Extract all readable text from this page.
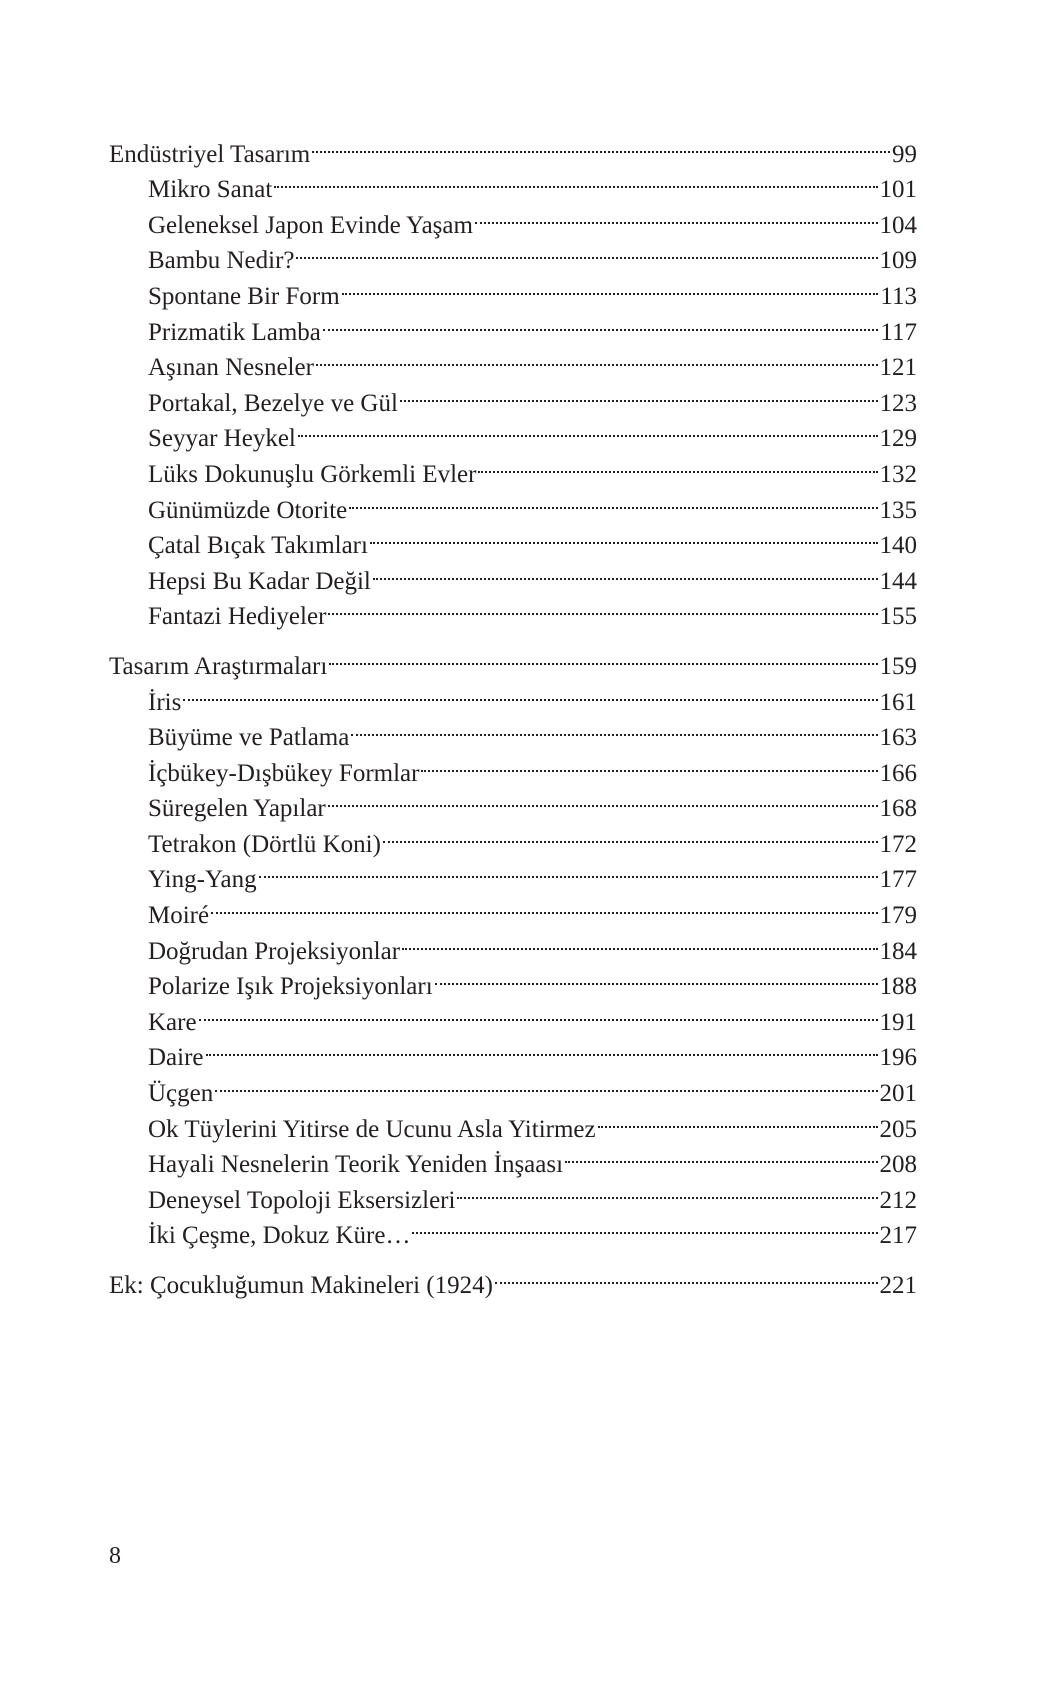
Endüstriyel Tasarım	99
Mikro Sanat	101
Geleneksel Japon Evinde Yaşam	104
Bambu Nedir?	109
Spontane Bir Form	113
Prizmatik Lamba	117
Aşınan Nesneler	121
Portakal, Bezelye ve Gül	123
Seyyar Heykel	129
Lüks Dokunuşlu Görkemli Evler	132
Günümüzde Otorite	135
Çatal Bıçak Takımları	140
Hepsi Bu Kadar Değil	144
Fantazi Hediyeler	155
Tasarım Araştırmaları	159
İris	161
Büyüme ve Patlama	163
İçbükey-Dışbükey Formlar	166
Süregelen Yapılar	168
Tetrakon (Dörtlü Koni)	172
Ying-Yang	177
Moiré	179
Doğrudan Projeksiyonlar	184
Polarize Işık Projeksiyonları	188
Kare	191
Daire	196
Üçgen	201
Ok Tüylerini Yitirse de Ucunu Asla Yitirmez	205
Hayali Nesnelerin Teorik Yeniden İnşaası	208
Deneysel Topoloji Eksersizleri	212
İki Çeşme, Dokuz Küre…	217
Ek: Çocukluğumun Makineleri (1924)	221
8
